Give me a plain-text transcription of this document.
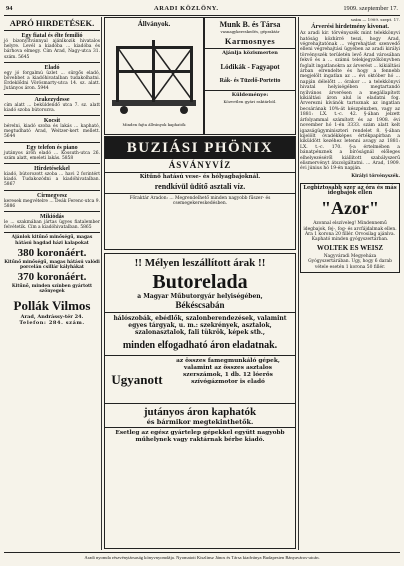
94	ARADI KÖZLÖNY.	1909. szeptember 17.

APRÓ HIRDETÉSEK.

Egy fiatal és élte femilió

jó bizonyítvánnyal ajánlkozik hivatalos helyre. Levél a kiadóba ... kiadóba és bárhova elmegy. Cím Arad, Nagy-utca 31. szám. 5645

Eladó

egy jó forgalmú üzlet ... sürgős eladó, bővebbet a kiadóhivatalban tudakolhatni. Érdeklődni Vörösmarty-utca 14. sz. alatt. Jutányos áron. 5944

Arakezydesse

cím alatt ... beküldendő utca 7. sz. alatt kiadó szoba bútorozva.

Kocsit

bérelni, kiadó szoba és lakás ... kapható, megtudható Arad, Weitzer-kert mellett. 5644

Egy telefon és piano

jutányos áron eladó ... Kossuth-utca 26. szám alatt, emeleti lakás. 5858

Hirdetésekkel

kiadó, bútorozott szoba ... havi 2 forintért kiadó. Tudakozódni a kiadóhivatalban. 5867

Cirmegvesz

keresek megvételre ... Deák Ferenc-utca 9. 5886

Mikiódás

le ... szakmában jártas ügyes fiatalember felvétetik. Cím a kiadóhivatalban. 5865

Ajánlok kitűnő minőségű, magas hátású bagdad házi kalapokat

380 koronáért.

Kitűnő minőségű, magas hátású valódi porcelán csillár kályhákat

370 koronáért.

Kitűnő, minden színben gyártott szőnyegek

Pollák Vilmos

Arad, Andrássy-tér 24.

Telefon: 284. szám.

Állványok.

Minden fajta állványok kaphatók

Munk B. és Társa

vasnagykereskedés, gépraktár

Karmosnyes

Ajánlja közismerten

Lódikák - Fagyapot

Rák- és Tüzelő-Portetto

Küldeménye:

Közvetlen gyári raktárból.

BUZIÁSI PHÖNIX

ÁSVÁNYVÍZ

Kitűnő hatású vese- és hólyagbajoknál.

rendkívül üdítő asztali víz.

Főraktár Aradon: ... Megrendelhető minden nagyobb fűszer- és csemegekereskedésben.

!! Mélyen leszállított árak !!

Butorelada

a Magyar Műbutorgyár helyiségében,

Békéscsabán

hálószobák, ebédlők, szalonberendezések, valamint egyes tárgyak, u. m.: szekrények, asztalok, szalonasztalok, fali tükrök, képek stb.,

minden elfogadható áron eladatnak.

Ugyanott

az összes famegmunkáló gépek, valamint az összes asztalos szerszámok, 1 db. 12 lóerős szívógázmotor is eladó

jutányos áron kaphatók

és bármikor megtekinthetők.

Esetleg az egész gyártelep gépekkel együtt nagyobb műhelynek vagy raktárnak bérbe kiadó.

szám — 1909. szept. 17.

Árverési hirdetmény kivonat.

Az aradi kir. törvényszék mint telekkönyvi hatóság közhírré teszi, hogy Arad, végrehajtatónak ... végrehajtást szenvedő elleni végrehajtási ügyében az aradi királyi törvényszék területén levő Arad városában fekvő és a ... számú telekjegyzőkönyvben foglalt ingatlanokra az árverést ... kikiáltási árban elrendelte és hogy a fennebb megjelölt ingatlan az ... évi október hó ... napján délelőtt ... órakor ... a telekkönyvi hivatal helyiségében megtartandó nyilvános árverésen a megállapított kikiáltási áron alul is eladatni fog. Árverezni kívánók tartoznak az ingatlan becsárának 10%-át készpénzben, vagy az 1881: LX. t.-c. 42. §-ában jelzett árfolyammal számított és az 1908. évi november hó 1-én 3333. szám alatt kelt igazságügyminiszteri rendelet 8. §-ában kijelölt óvadékképes értékpapírban a kiküldött kezéhez letenni avagy az 1881: LX. t.-c. 170. §-a értelmében a bánatpénznek a bíróságnál előleges elhelyezéséről kiállított szabályszerű elismervényt átszolgáltatni. ... Arad, 1909. évi június hó 19-én napján.

Királyi törvényszék.

Legbiztosabb szer az óra és más idegbajok ellen

"Azor"

Azonnal elszíveleg! Mindennemű idegbajok, fej-, fog- és arcfájdalmak ellen. Ára 1 korona 20 fillér. Orvosilag ajánlva. Kapható minden gyógyszertárban.

WOLTEK ES WEISZ

Nagyváradi Megyeháza Gyógyszertárában. Ugy, hogy 6 darab vétele esetén 1 korona 50 fillér.

Aradi nyomda részvénytársaság könyvnyomdája. Nyomatott Kiszlinsz János és Társa kiadványa Budapesten Bányaváros-utcán.
